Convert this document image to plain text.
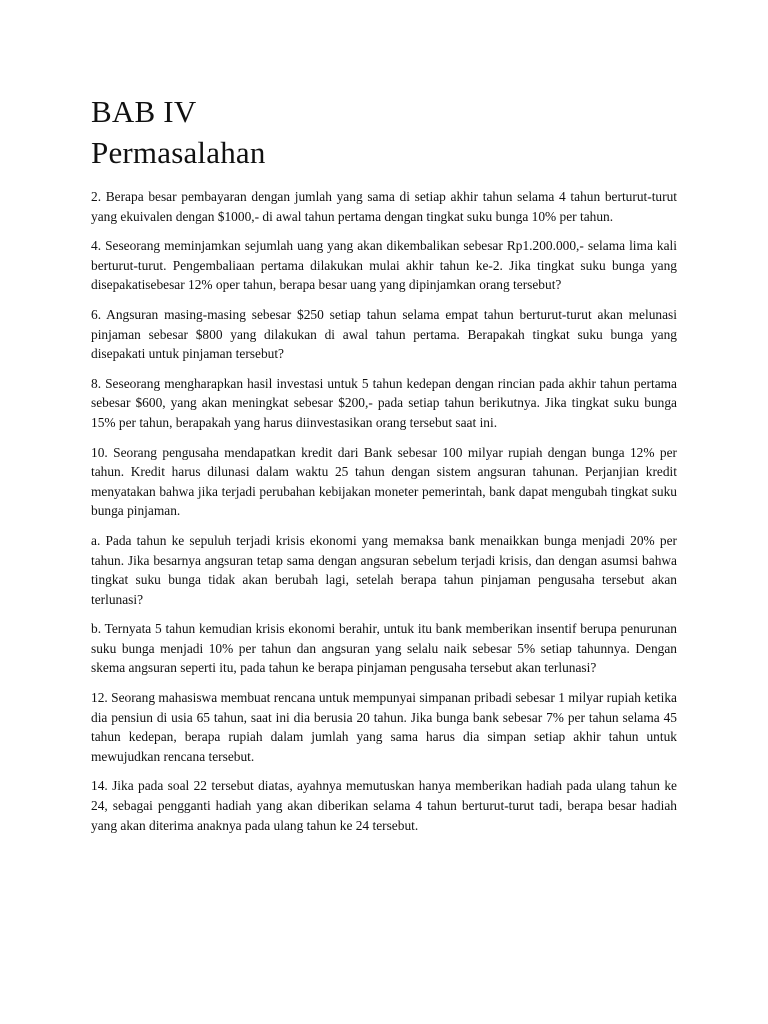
BAB IV
Permasalahan

2. Berapa besar pembayaran dengan jumlah yang sama di setiap akhir tahun selama 4 tahun berturut-turut yang ekuivalen dengan $1000,- di awal tahun pertama dengan tingkat suku bunga 10% per tahun.

4. Seseorang meminjamkan sejumlah uang yang akan dikembalikan sebesar Rp1.200.000,- selama lima kali berturut-turut. Pengembaliaan pertama dilakukan mulai akhir tahun ke-2. Jika tingkat suku bunga yang disepakatisebesar 12% oper tahun, berapa besar uang yang dipinjamkan orang tersebut?

6. Angsuran masing-masing sebesar $250 setiap tahun selama empat tahun berturut-turut akan melunasi pinjaman sebesar $800 yang dilakukan di awal tahun pertama. Berapakah tingkat suku bunga yang disepakati untuk pinjaman tersebut?

8. Seseorang mengharapkan hasil investasi untuk 5 tahun kedepan dengan rincian pada akhir tahun pertama sebesar $600, yang akan meningkat sebesar $200,- pada setiap tahun berikutnya. Jika tingkat suku bunga 15% per tahun, berapakah yang harus diinvestasikan orang tersebut saat ini.

10. Seorang pengusaha mendapatkan kredit dari Bank sebesar 100 milyar rupiah dengan bunga 12% per tahun. Kredit harus dilunasi dalam waktu 25 tahun dengan sistem angsuran tahunan. Perjanjian kredit menyatakan bahwa jika terjadi perubahan kebijakan moneter pemerintah, bank dapat mengubah tingkat suku bunga pinjaman.

a. Pada tahun ke sepuluh terjadi krisis ekonomi yang memaksa bank menaikkan bunga menjadi 20% per tahun. Jika besarnya angsuran tetap sama dengan angsuran sebelum terjadi krisis, dan dengan asumsi bahwa tingkat suku bunga tidak akan berubah lagi, setelah berapa tahun pinjaman pengusaha tersebut akan terlunasi?

b. Ternyata 5 tahun kemudian krisis ekonomi berahir, untuk itu bank memberikan insentif berupa penurunan suku bunga menjadi 10% per tahun dan angsuran yang selalu naik sebesar 5% setiap tahunnya. Dengan skema angsuran seperti itu, pada tahun ke berapa pinjaman pengusaha tersebut akan terlunasi?

12. Seorang mahasiswa membuat rencana untuk mempunyai simpanan pribadi sebesar 1 milyar rupiah ketika dia pensiun di usia 65 tahun, saat ini dia berusia 20 tahun. Jika bunga bank sebesar 7% per tahun selama 45 tahun kedepan, berapa rupiah dalam jumlah yang sama harus dia simpan setiap akhir tahun untuk mewujudkan rencana tersebut.

14. Jika pada soal 22 tersebut diatas, ayahnya memutuskan hanya memberikan hadiah pada ulang tahun ke 24, sebagai pengganti hadiah yang akan diberikan selama 4 tahun berturut-turut tadi, berapa besar hadiah yang akan diterima anaknya pada ulang tahun ke 24 tersebut.
